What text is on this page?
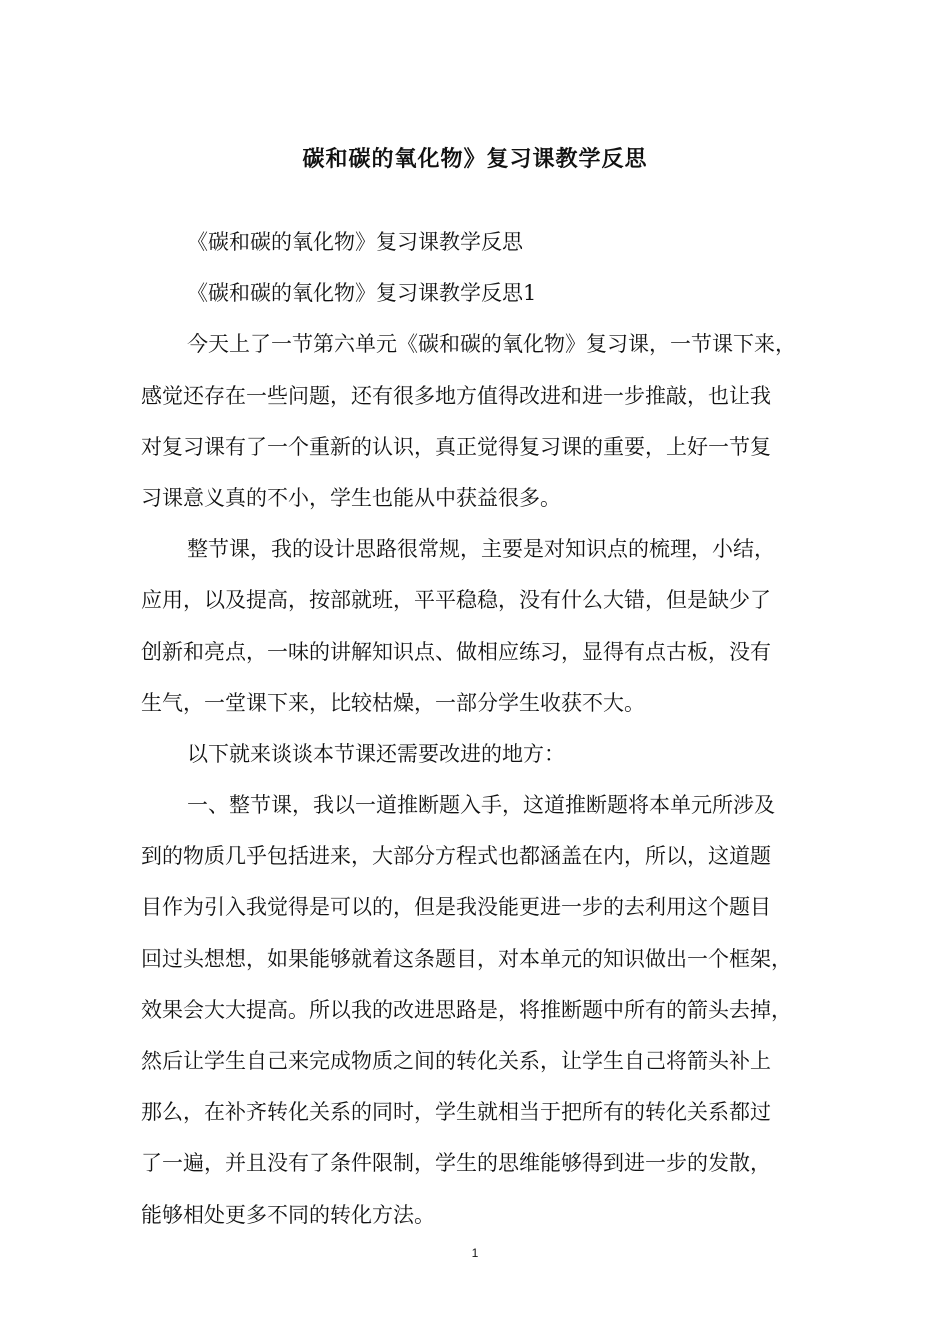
碳和碳的氧化物》复习课教学反思
《碳和碳的氧化物》复习课教学反思
《碳和碳的氧化物》复习课教学反思1
今天上了一节第六单元《碳和碳的氧化物》复习课，一节课下来，
感觉还存在一些问题，还有很多地方值得改进和进一步推敲，也让我
对复习课有了一个重新的认识，真正觉得复习课的重要，上好一节复
习课意义真的不小，学生也能从中获益很多。
整节课，我的设计思路很常规，主要是对知识点的梳理，小结，
应用，以及提高，按部就班，平平稳稳，没有什么大错，但是缺少了
创新和亮点，一味的讲解知识点、做相应练习，显得有点古板，没有
生气，一堂课下来，比较枯燥，一部分学生收获不大。
以下就来谈谈本节课还需要改进的地方：
一、整节课，我以一道推断题入手，这道推断题将本单元所涉及
到的物质几乎包括进来，大部分方程式也都涵盖在内，所以，这道题
目作为引入我觉得是可以的，但是我没能更进一步的去利用这个题目
回过头想想，如果能够就着这条题目，对本单元的知识做出一个框架，
效果会大大提高。所以我的改进思路是，将推断题中所有的箭头去掉，
然后让学生自己来完成物质之间的转化关系，让学生自己将箭头补上
那么，在补齐转化关系的同时，学生就相当于把所有的转化关系都过
了一遍，并且没有了条件限制，学生的思维能够得到进一步的发散，
能够相处更多不同的转化方法。
1
